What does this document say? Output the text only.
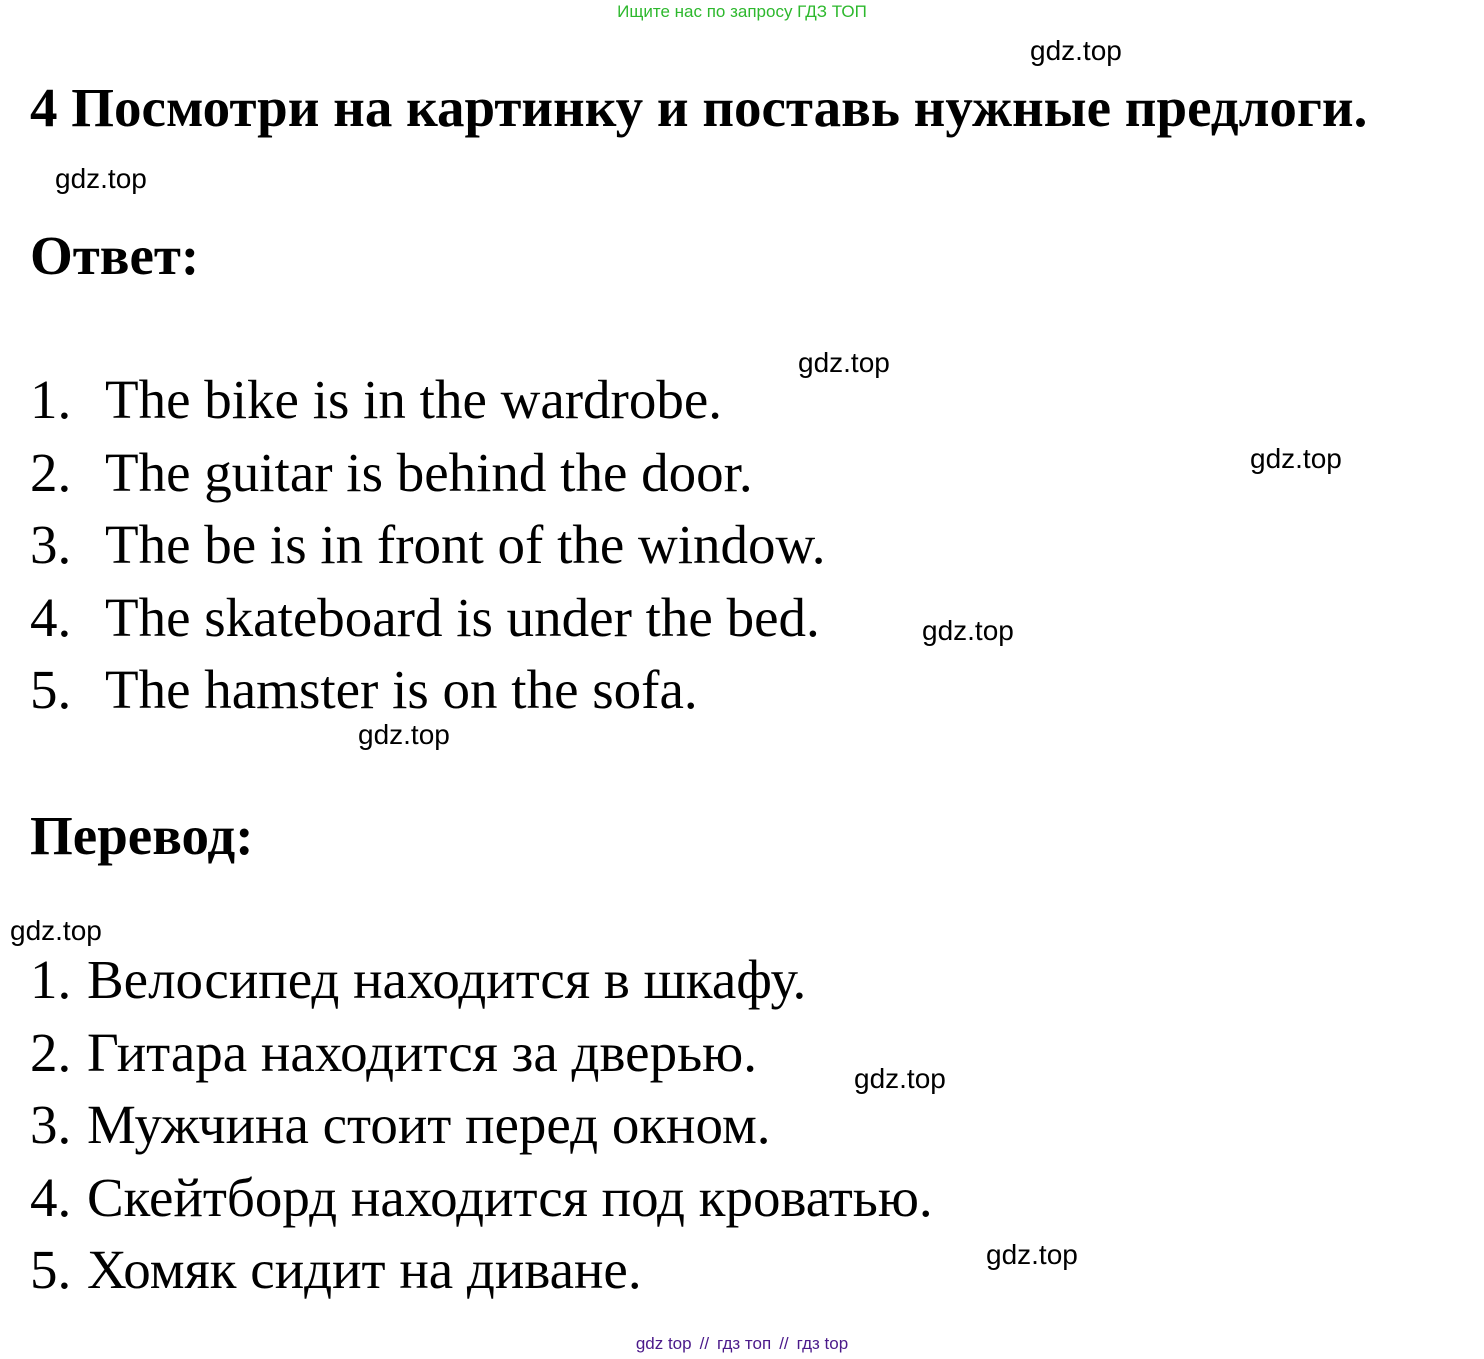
Ищите нас по запросу ГДЗ ТОП

4 Посмотри на картинку и поставь нужные предлоги.
Ответ:
1. The bike is in the wardrobe.
2. The guitar is behind the door.
3. The be is in front of the window.
4. The skateboard is under the bed.
5. The hamster is on the sofa.
Перевод:
1. Велосипед находится в шкафу.
2. Гитара находится за дверью.
3. Мужчина стоит перед окном.
4. Скейтборд находится под кроватью.
5. Хомяк сидит на диване.
gdz.top
gdz.top
gdz.top
gdz.top
gdz.top
gdz.top
gdz.top
gdz.top
gdz.top
gdz top // гдз топ // гдз top
